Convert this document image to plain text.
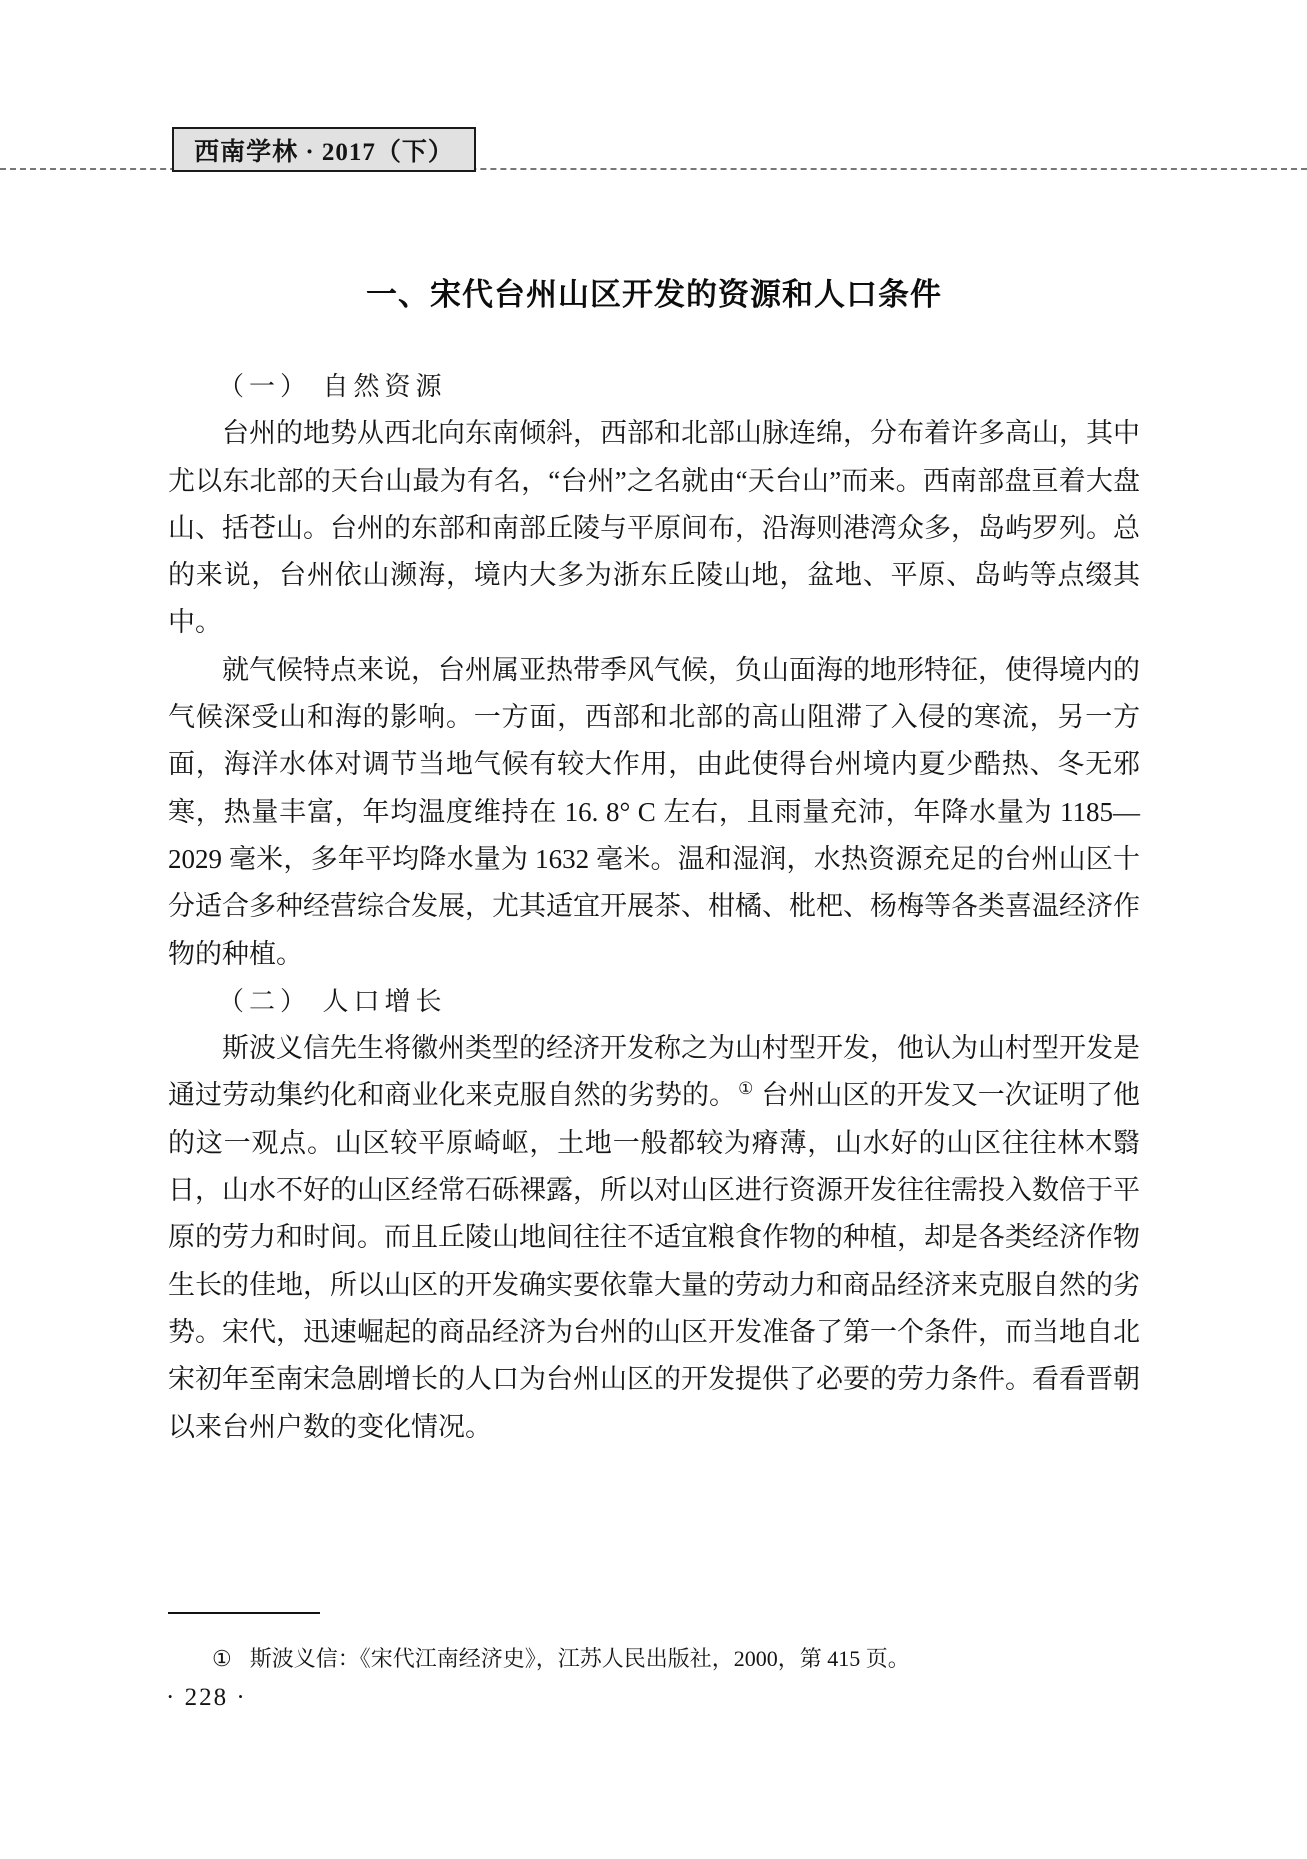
西南学林 · 2017（下）
一、宋代台州山区开发的资源和人口条件
（一） 自然资源

台州的地势从西北向东南倾斜，西部和北部山脉连绵，分布着许多高山，其中尤以东北部的天台山最为有名，“台州”之名就由“天台山”而来。西南部盘亘着大盘山、括苍山。台州的东部和南部丘陵与平原间布，沿海则港湾众多，岛屿罗列。总的来说，台州依山濒海，境内大多为浙东丘陵山地，盆地、平原、岛屿等点缀其中。

就气候特点来说，台州属亚热带季风气候，负山面海的地形特征，使得境内的气候深受山和海的影响。一方面，西部和北部的高山阻滞了入侵的寒流，另一方面，海洋水体对调节当地气候有较大作用，由此使得台州境内夏少酷热、冬无邪寒，热量丰富，年均温度维持在 16. 8° C 左右，且雨量充沛，年降水量为 1185—2029 毫米，多年平均降水量为 1632 毫米。温和湿润，水热资源充足的台州山区十分适合多种经营综合发展，尤其适宜开展茶、柑橘、枇杷、杨梅等各类喜温经济作物的种植。

（二） 人口增长

斯波义信先生将徽州类型的经济开发称之为山村型开发，他认为山村型开发是通过劳动集约化和商业化来克服自然的劣势的。 ① 台州山区的开发又一次证明了他的这一观点。山区较平原崎岖，土地一般都较为瘠薄，山水好的山区往往林木翳日，山水不好的山区经常石砾裸露，所以对山区进行资源开发往往需投入数倍于平原的劳力和时间。而且丘陵山地间往往不适宜粮食作物的种植，却是各类经济作物生长的佳地，所以山区的开发确实要依靠大量的劳动力和商品经济来克服自然的劣势。宋代，迅速崛起的商品经济为台州的山区开发准备了第一个条件，而当地自北宋初年至南宋急剧增长的人口为台州山区的开发提供了必要的劳力条件。看看晋朝以来台州户数的变化情况。

① 斯波义信：《宋代江南经济史》，江苏人民出版社，2000，第 415 页。

· 228 ·
